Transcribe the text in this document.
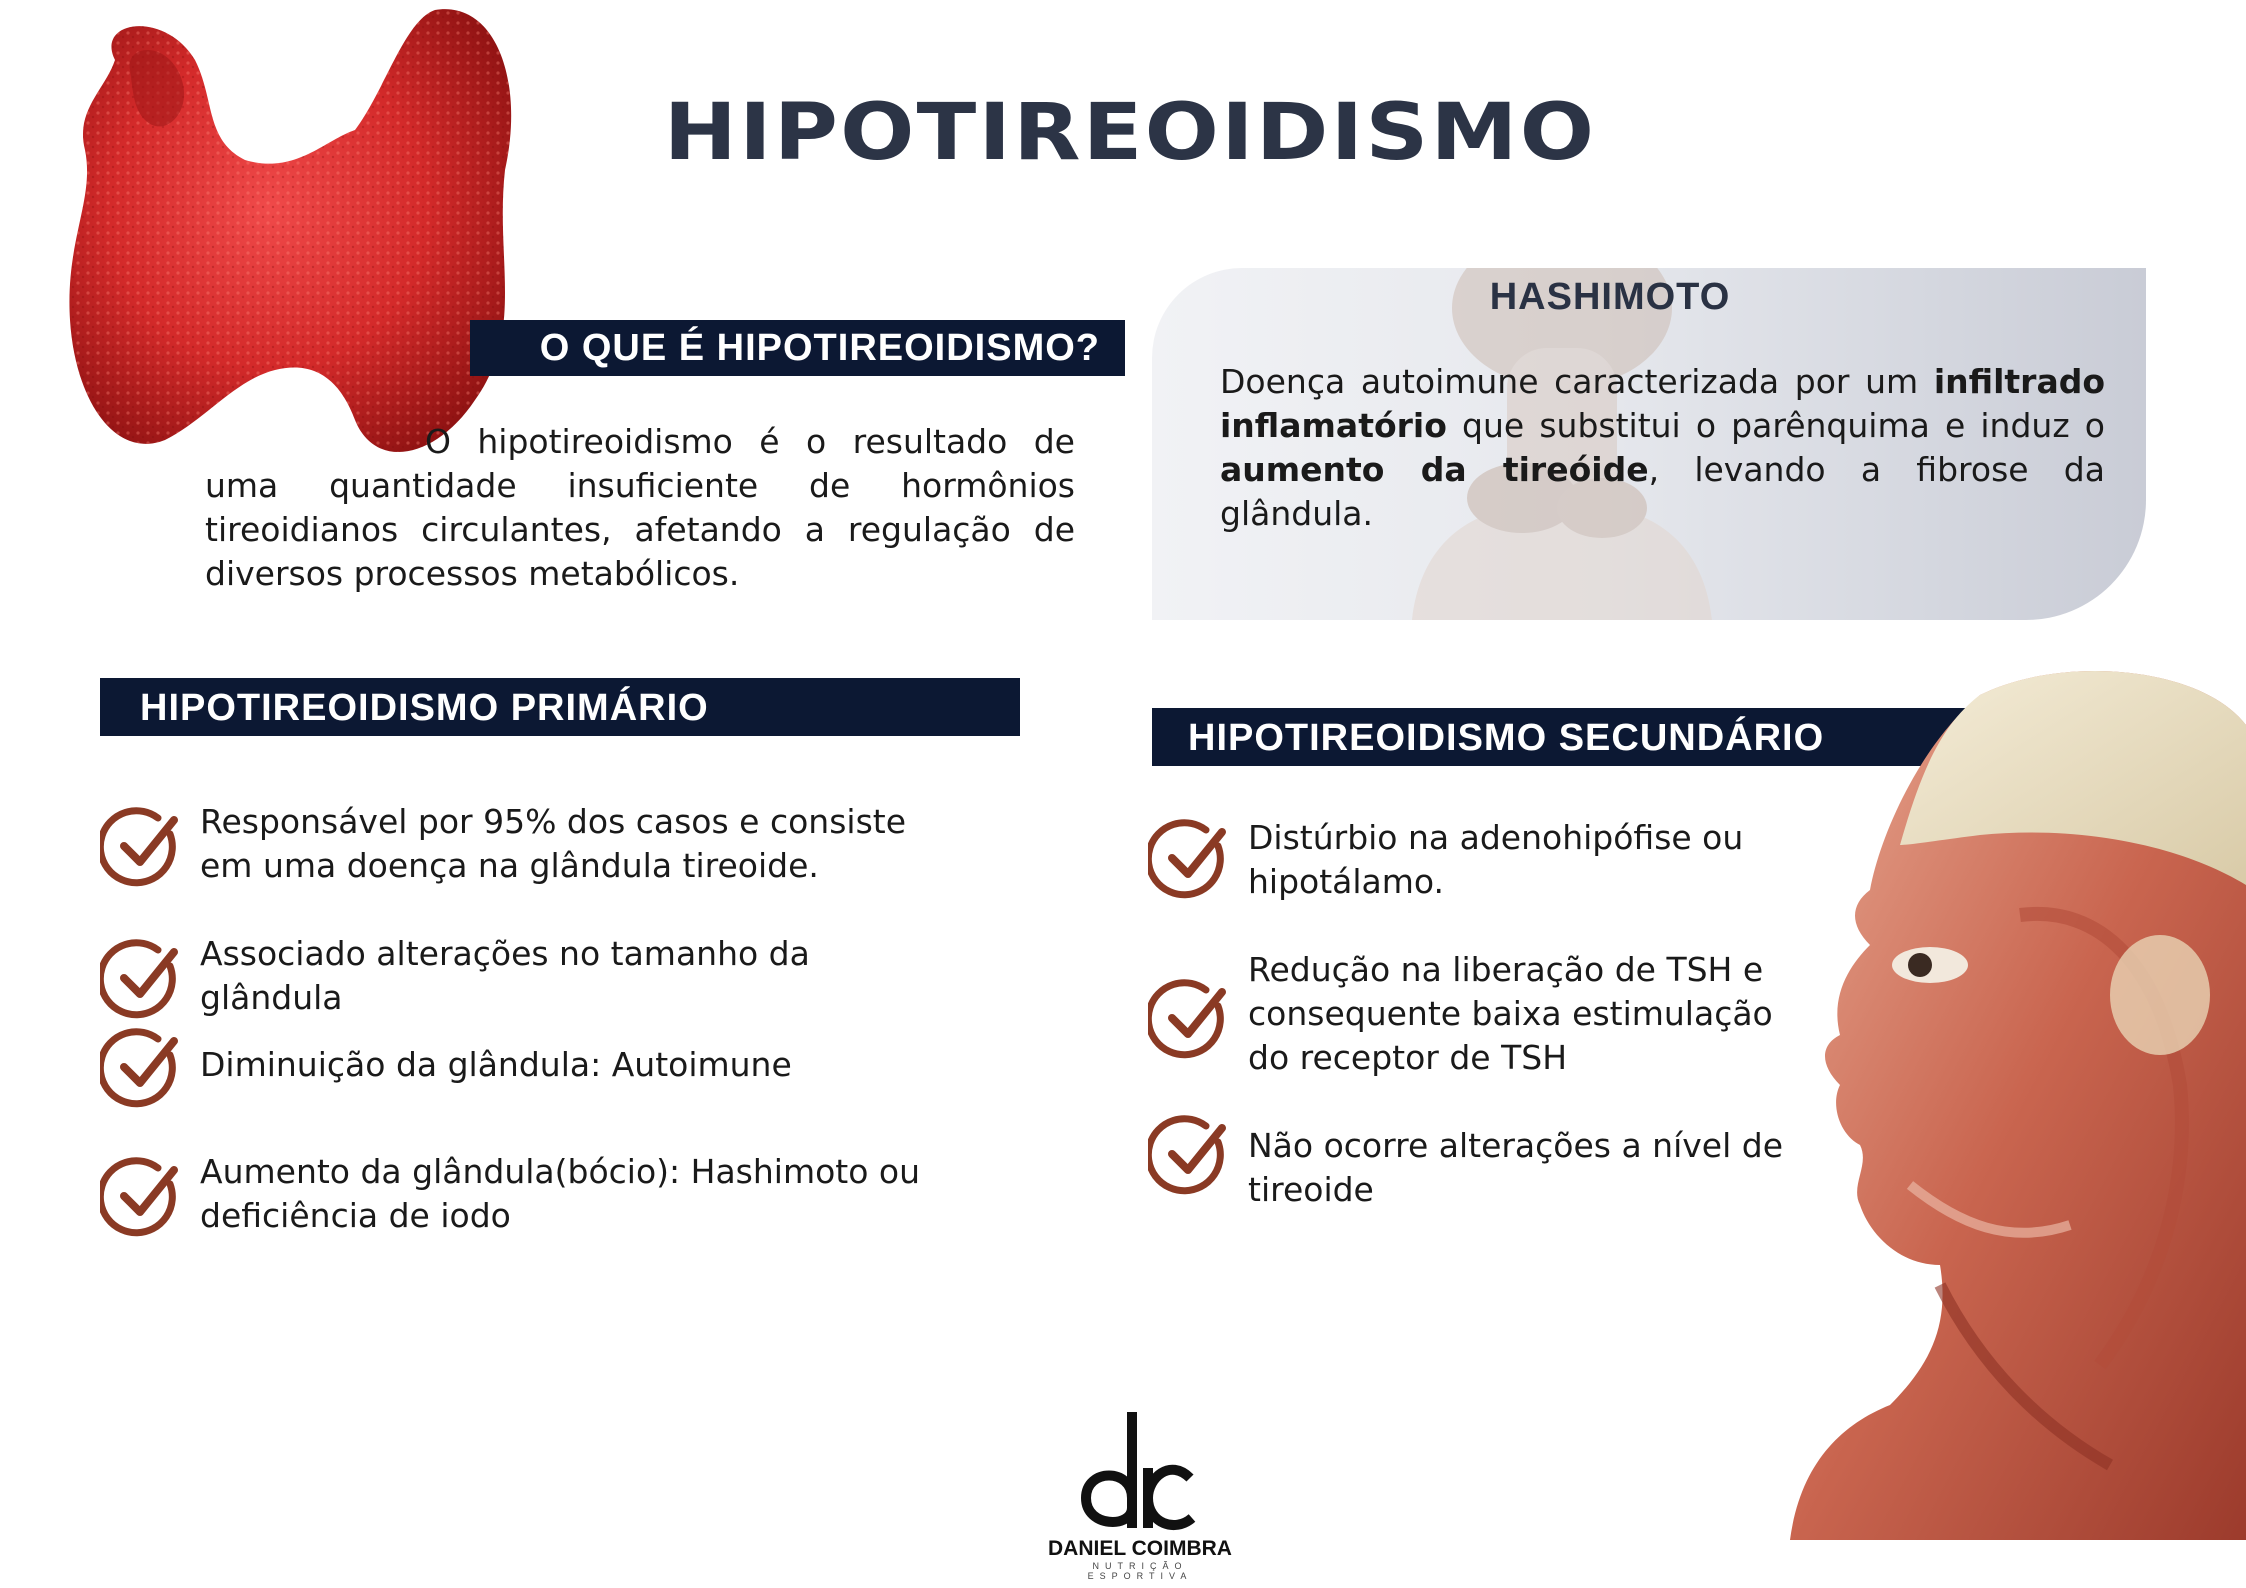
HIPOTIREOIDISMO
O QUE É HIPOTIREOIDISMO?

O hipotireoidismo é o resultado de uma quantidade insuficiente de hormônios tireoidianos circulantes, afetando a regulação de diversos processos metabólicos.

HASHIMOTO

Doença autoimune caracterizada por um infiltrado inflamatório que substitui o parênquima e induz o aumento da tireóide, levando a fibrose da glândula.

HIPOTIREOIDISMO PRIMÁRIO
Responsável por 95% dos casos e consiste
em uma doença na glândula tireoide.
Associado alterações no tamanho da
glândula
Diminuição da glândula: Autoimune
Aumento da glândula(bócio): Hashimoto ou
deficiência de iodo
HIPOTIREOIDISMO SECUNDÁRIO
Distúrbio na adenohipófise ou
hipotálamo.
Redução na liberação de TSH e
consequente baixa estimulação
do receptor de TSH
Não ocorre alterações a nível de
tireoide
DANIEL COIMBRA
NUTRIÇÃO ESPORTIVA
